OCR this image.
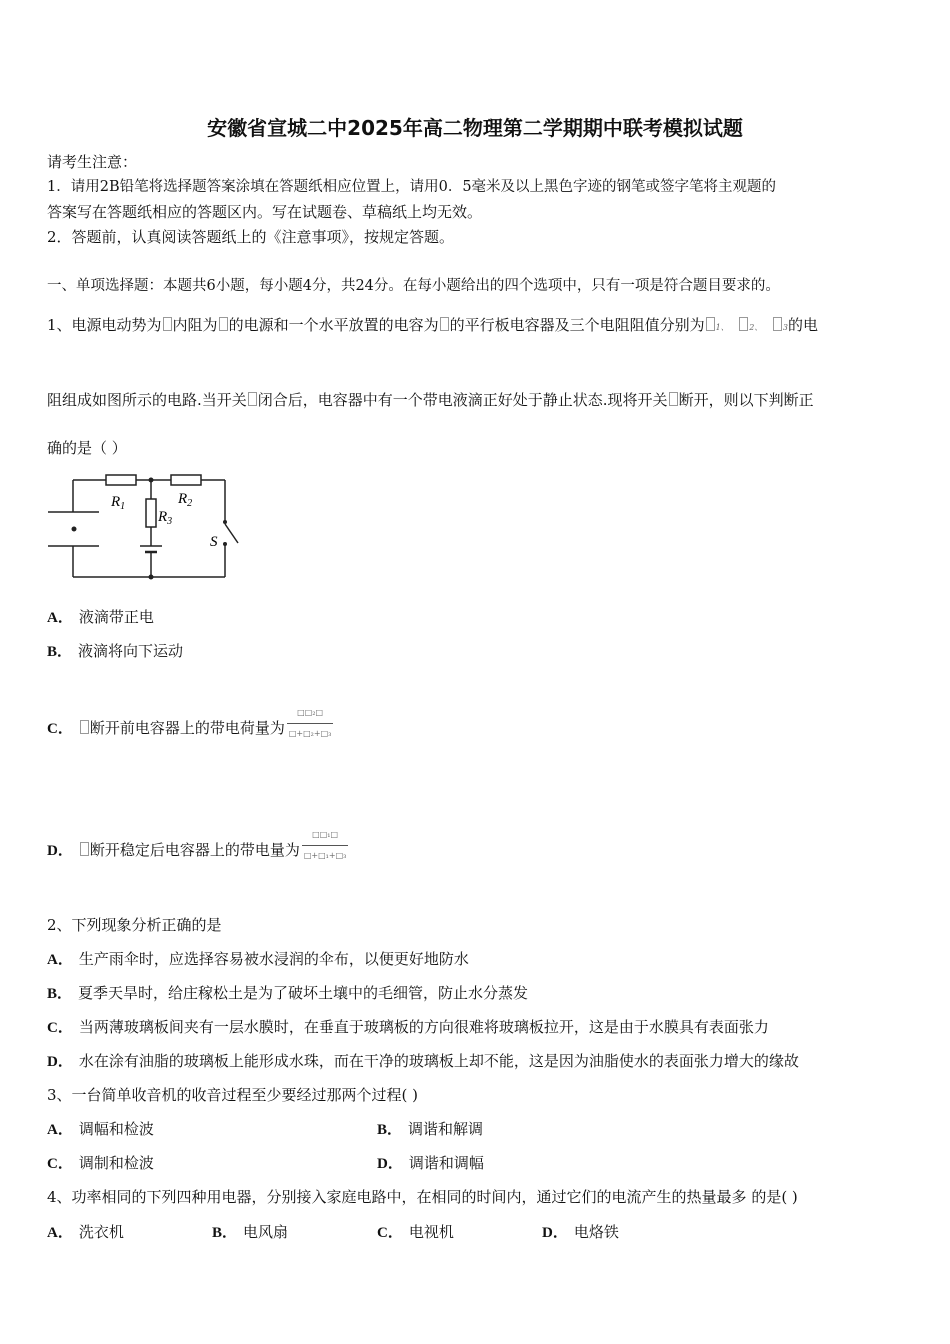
安徽省宣城二中2025年高二物理第二学期期中联考模拟试题
请考生注意：
1．请用2B铅笔将选择题答案涂填在答题纸相应位置上，请用0．5毫米及以上黑色字迹的钢笔或签字笔将主观题的
答案写在答题纸相应的答题区内。写在试题卷、草稿纸上均无效。
2．答题前，认真阅读答题纸上的《注意事项》，按规定答题。
一、单项选择题：本题共6小题，每小题4分，共24分。在每小题给出的四个选项中，只有一项是符合题目要求的。
1、电源电动势为 内阻为 的电源和一个水平放置的电容为 的平行板电容器及三个电阻阻值分别为 1、	2、	3的电
阻组成如图所示的电路.当开关 闭合后，电容器中有一个带电液滴正好处于静止状态.现将开关 断开，则以下判断正
确的是（ ）
$R_1$	$R_2$
$R_3$
S
A． 液滴带正电
B． 液滴将向下运动
C． 断开前电容器上的带电荷量为 $\frac{\text{□□₂□}}{\text{□+□₂+□₃}}$
D． 断开稳定后电容器上的带电量为 $\frac{\text{□□₁□}}{\text{□+□₁+□₃}}$
2、下列现象分析正确的是
A． 生产雨伞时，应选择容易被水浸润的伞布，以便更好地防水
B． 夏季天旱时，给庄稼松土是为了破坏土壤中的毛细管，防止水分蒸发
C． 当两薄玻璃板间夹有一层水膜时，在垂直于玻璃板的方向很难将玻璃板拉开，这是由于水膜具有表面张力
D． 水在涂有油脂的玻璃板上能形成水珠，而在干净的玻璃板上却不能，这是因为油脂使水的表面张力增大的缘故
3、一台简单收音机的收音过程至少要经过那两个过程( )
A． 调幅和检波	B． 调谐和解调
C． 调制和检波	D． 调谐和调幅
4、功率相同的下列四种用电器，分别接入家庭电路中，在相同的时间内，通过它们的电流产生的热量最多 的是( )
A． 洗衣机	B． 电风扇	C． 电视机	D． 电烙铁
